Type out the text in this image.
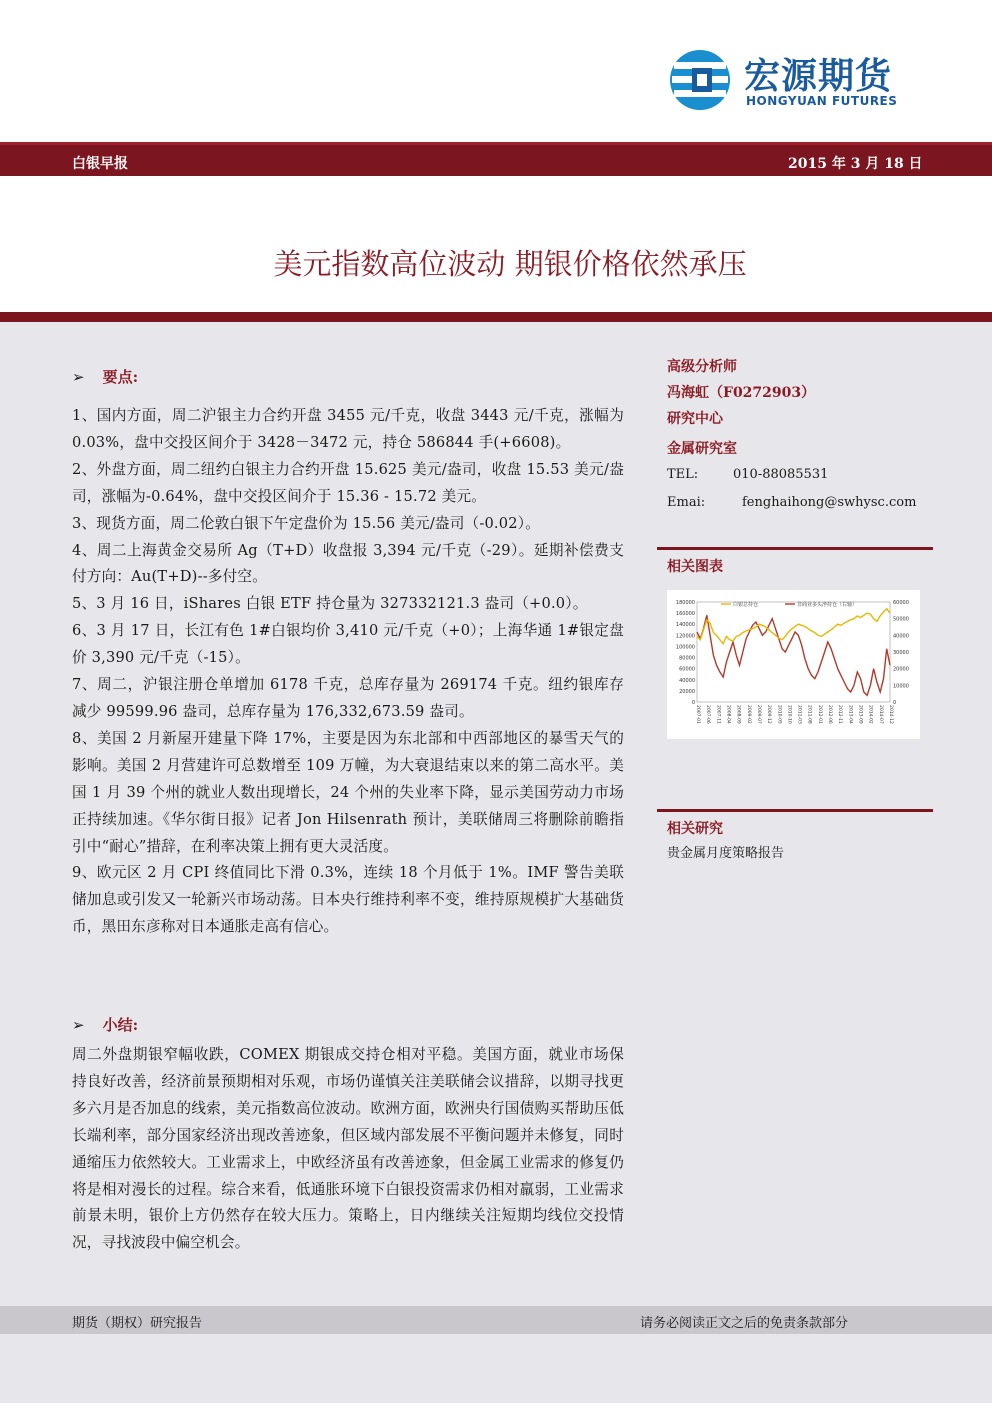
宏源期货
HONGYUAN FUTURES
白银早报	2015 年 3 月 18 日
美元指数高位波动 期银价格依然承压
➢ 要点:

1、国内方面，周二沪银主力合约开盘 3455 元/千克，收盘 3443 元/千克，涨幅为 0.03%，盘中交投区间介于 3428－3472 元，持仓 586844 手(+6608)。

2、外盘方面，周二纽约白银主力合约开盘 15.625 美元/盎司，收盘 15.53 美元/盎司，涨幅为-0.64%，盘中交投区间介于 15.36 - 15.72 美元。

3、现货方面，周二伦敦白银下午定盘价为 15.56 美元/盎司（-0.02）。

4、周二上海黄金交易所 Ag（T+D）收盘报 3,394 元/千克（-29）。延期补偿费支付方向：Au(T+D)--多付空。

5、3 月 16 日，iShares 白银 ETF 持仓量为 327332121.3 盎司（+0.0）。

6、3 月 17 日，长江有色 1#白银均价 3,410 元/千克（+0）；上海华通 1#银定盘价 3,390 元/千克（-15）。

7、周二，沪银注册仓单增加 6178 千克，总库存量为 269174 千克。纽约银库存减少 99599.96 盎司，总库存量为 176,332,673.59 盎司。

8、美国 2 月新屋开建量下降 17%，主要是因为东北部和中西部地区的暴雪天气的影响。美国 2 月营建许可总数增至 109 万幢，为大衰退结束以来的第二高水平。美国 1 月 39 个州的就业人数出现增长，24 个州的失业率下降，显示美国劳动力市场正持续加速。《华尔街日报》记者 Jon Hilsenrath 预计，美联储周三将删除前瞻指引中“耐心”措辞，在利率决策上拥有更大灵活度。

9、欧元区 2 月 CPI 终值同比下滑 0.3%，连续 18 个月低于 1%。IMF 警告美联储加息或引发又一轮新兴市场动荡。日本央行维持利率不变，维持原规模扩大基础货币，黑田东彦称对日本通胀走高有信心。

➢ 小结:

周二外盘期银窄幅收跌，COMEX 期银成交持仓相对平稳。美国方面，就业市场保持良好改善，经济前景预期相对乐观，市场仍谨慎关注美联储会议措辞，以期寻找更多六月是否加息的线索，美元指数高位波动。欧洲方面，欧洲央行国债购买帮助压低长端利率，部分国家经济出现改善迹象，但区域内部发展不平衡问题并未修复，同时通缩压力依然较大。工业需求上，中欧经济虽有改善迹象，但金属工业需求的修复仍将是相对漫长的过程。综合来看，低通胀环境下白银投资需求仍相对羸弱，工业需求前景未明，银价上方仍然存在较大压力。策略上，日内继续关注短期均线位交投情况，寻找波段中偏空机会。

高级分析师
冯海虹（F0272903）
研究中心
金属研究室
TEL:	010-88085531
Emai:	fenghaihong@swhysc.com
相关图表
180000
160000
140000
120000
100000
80000
60000
40000
20000
0
60000
50000
40000
30000
20000
10000
0
2007-01 2007-06 2007-11 2008-04 2008-09 2009-02 2009-07 2009-12 2010-05 2010-10 2011-03 2011-08 2012-01 2012-06 2012-11 2013-04 2013-09 2014-02 2014-07 2014-12
白银总持仓	非商业多头净持仓（右轴）
相关研究
贵金属月度策略报告
期货（期权）研究报告	请务必阅读正文之后的免责条款部分
